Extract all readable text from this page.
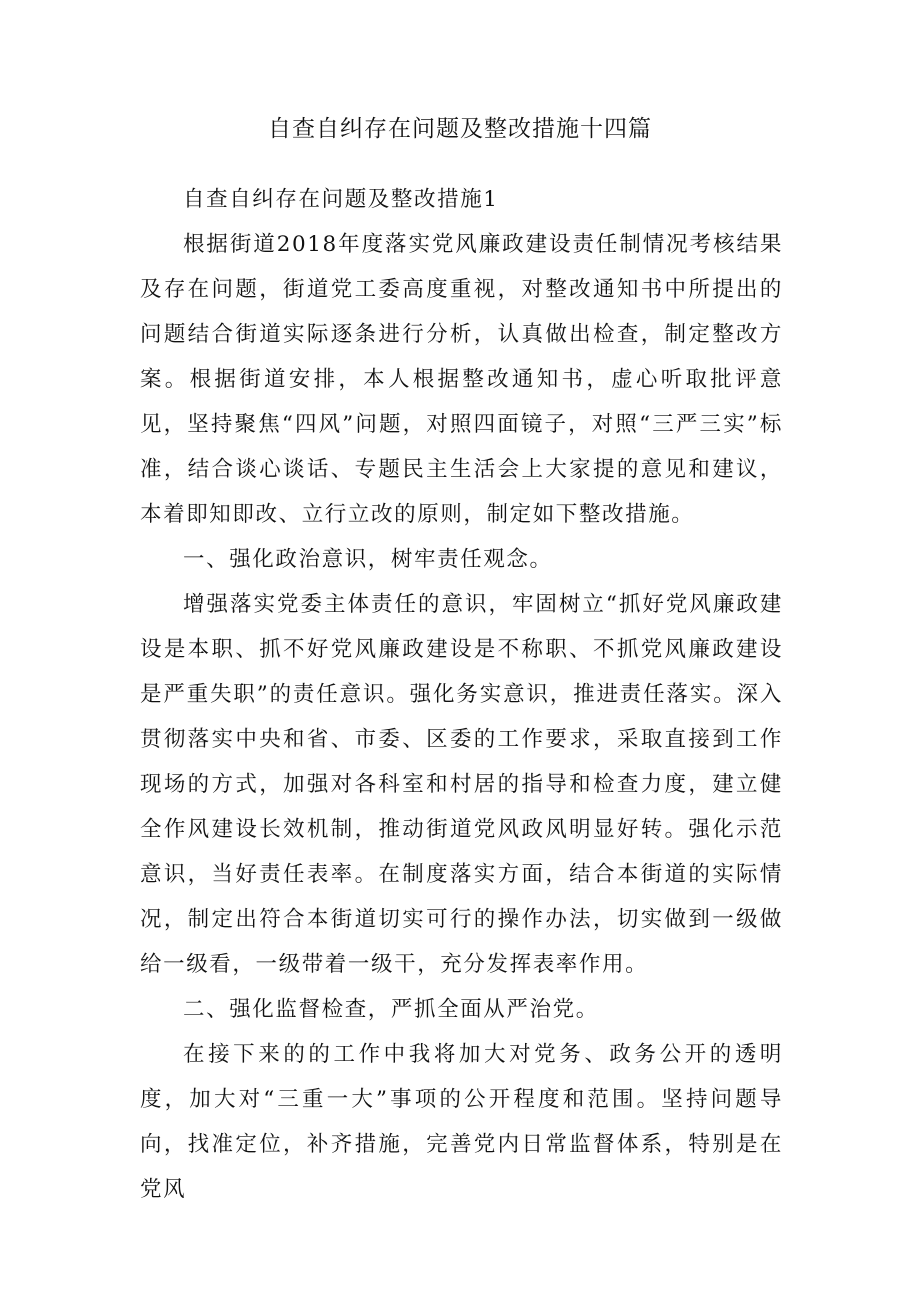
自查自纠存在问题及整改措施十四篇

自查自纠存在问题及整改措施1

根据街道2018年度落实党风廉政建设责任制情况考核结果及存在问题，街道党工委高度重视，对整改通知书中所提出的问题结合街道实际逐条进行分析，认真做出检查，制定整改方案。根据街道安排，本人根据整改通知书，虚心听取批评意见，坚持聚焦“四风”问题，对照四面镜子，对照“三严三实”标准，结合谈心谈话、专题民主生活会上大家提的意见和建议，本着即知即改、立行立改的原则，制定如下整改措施。

一、强化政治意识，树牢责任观念。

增强落实党委主体责任的意识，牢固树立“抓好党风廉政建设是本职、抓不好党风廉政建设是不称职、不抓党风廉政建设是严重失职”的责任意识。强化务实意识，推进责任落实。深入贯彻落实中央和省、市委、区委的工作要求，采取直接到工作现场的方式，加强对各科室和村居的指导和检查力度，建立健全作风建设长效机制，推动街道党风政风明显好转。强化示范意识，当好责任表率。在制度落实方面，结合本街道的实际情况，制定出符合本街道切实可行的操作办法，切实做到一级做给一级看，一级带着一级干，充分发挥表率作用。

二、强化监督检查，严抓全面从严治党。

在接下来的的工作中我将加大对党务、政务公开的透明度，加大对“三重一大”事项的公开程度和范围。坚持问题导向，找准定位，补齐措施，完善党内日常监督体系，特别是在党风
